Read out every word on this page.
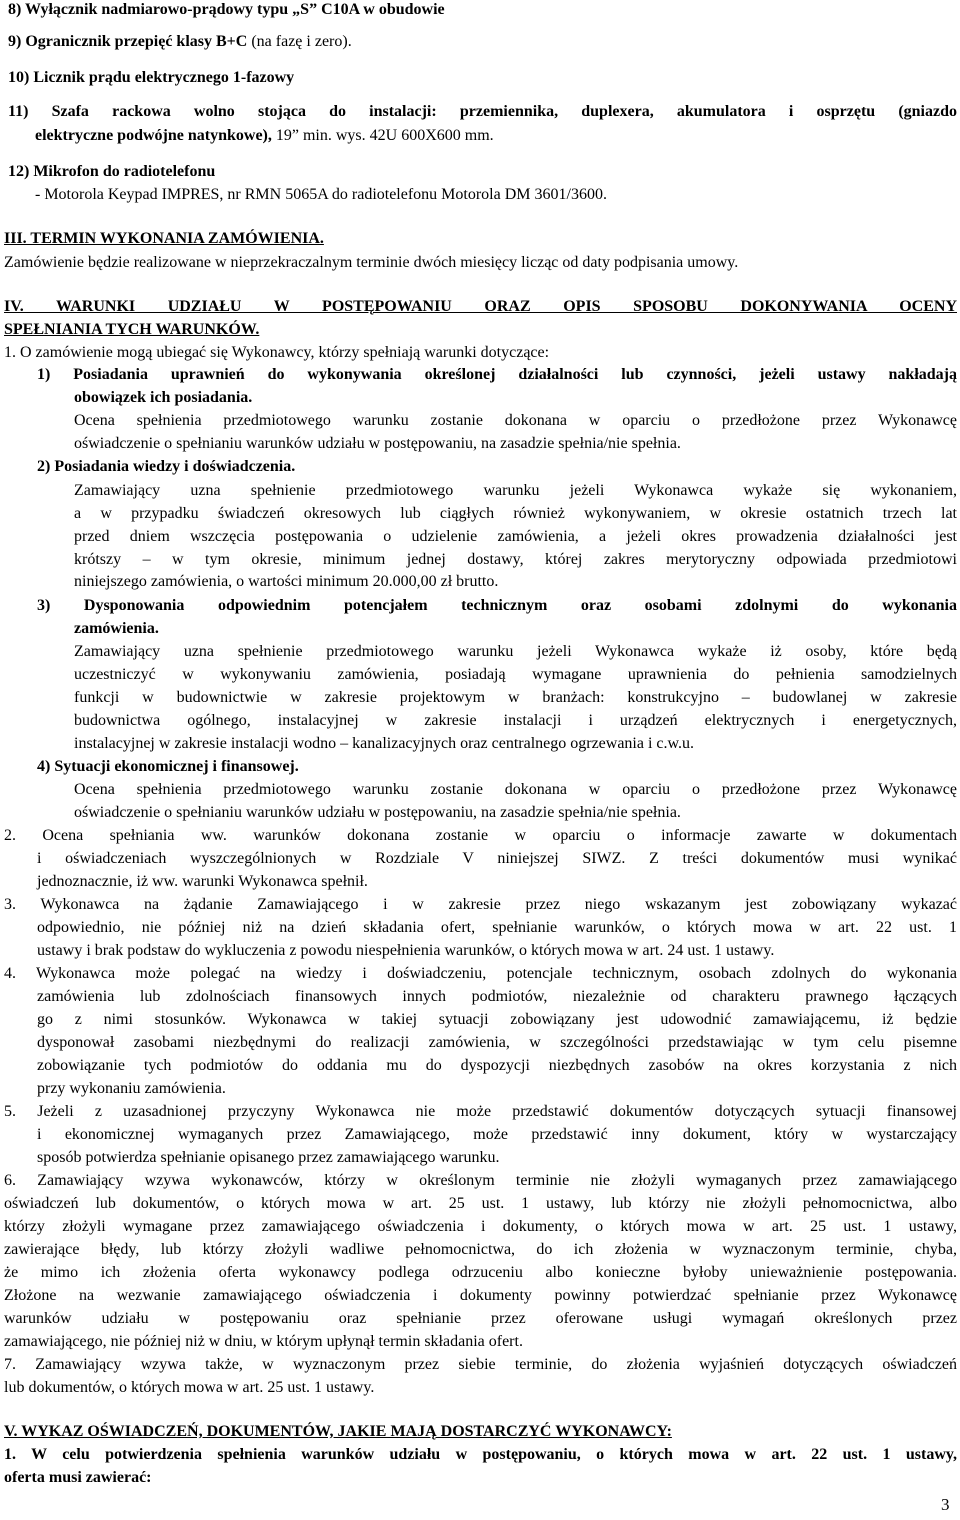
8) Wyłącznik nadmiarowo-prądowy typu „S” C10A w obudowie
9) Ogranicznik przepięć klasy B+C (na fazę i zero).
10) Licznik prądu elektrycznego 1-fazowy
11) Szafa rackowa wolno stojąca do instalacji: przemiennika, duplexera, akumulatora i osprzętu (gniazdo
elektryczne podwójne natynkowe), 19” min. wys. 42U 600X600 mm.
12) Mikrofon do radiotelefonu
- Motorola Keypad IMPRES, nr RMN 5065A do radiotelefonu Motorola DM 3601/3600.
III. TERMIN WYKONANIA ZAMÓWIENIA.
Zamówienie będzie realizowane w nieprzekraczalnym terminie dwóch miesięcy licząc od daty podpisania umowy.
IV. WARUNKI UDZIAŁU W POSTĘPOWANIU ORAZ OPIS SPOSOBU DOKONYWANIA OCENY
SPEŁNIANIA TYCH WARUNKÓW.
1. O zamówienie mogą ubiegać się Wykonawcy, którzy spełniają warunki dotyczące:
1) Posiadania uprawnień do wykonywania określonej działalności lub czynności, jeżeli ustawy nakładają
obowiązek ich posiadania.
Ocena spełnienia przedmiotowego warunku zostanie dokonana w oparciu o przedłożone przez Wykonawcę
oświadczenie o spełnianiu warunków udziału w postępowaniu, na zasadzie spełnia/nie spełnia.
2) Posiadania wiedzy i doświadczenia.
Zamawiający uzna spełnienie przedmiotowego warunku jeżeli Wykonawca wykaże się wykonaniem,
a w przypadku świadczeń okresowych lub ciągłych również wykonywaniem, w okresie ostatnich trzech lat
przed dniem wszczęcia postępowania o udzielenie zamówienia, a jeżeli okres prowadzenia działalności jest
krótszy – w tym okresie, minimum jednej dostawy, której zakres merytoryczny odpowiada przedmiotowi
niniejszego zamówienia, o wartości minimum 20.000,00 zł brutto.
3) Dysponowania odpowiednim potencjałem technicznym oraz osobami zdolnymi do wykonania
zamówienia.
Zamawiający uzna spełnienie przedmiotowego warunku jeżeli Wykonawca wykaże iż osoby, które będą
uczestniczyć w wykonywaniu zamówienia, posiadają wymagane uprawnienia do pełnienia samodzielnych
funkcji w budownictwie w zakresie projektowym w branżach: konstrukcyjno – budowlanej w zakresie
budownictwa ogólnego, instalacyjnej w zakresie instalacji i urządzeń elektrycznych i energetycznych,
instalacyjnej w zakresie instalacji wodno – kanalizacyjnych oraz centralnego ogrzewania i c.w.u.
4) Sytuacji ekonomicznej i finansowej.
Ocena spełnienia przedmiotowego warunku zostanie dokonana w oparciu o przedłożone przez Wykonawcę
oświadczenie o spełnianiu warunków udziału w postępowaniu, na zasadzie spełnia/nie spełnia.
2. Ocena spełniania ww. warunków dokonana zostanie w oparciu o informacje zawarte w dokumentach
i oświadczeniach wyszczególnionych w Rozdziale V niniejszej SIWZ. Z treści dokumentów musi wynikać
jednoznacznie, iż ww. warunki Wykonawca spełnił.
3. Wykonawca na żądanie Zamawiającego i w zakresie przez niego wskazanym jest zobowiązany wykazać
odpowiednio, nie później niż na dzień składania ofert, spełnianie warunków, o których mowa w art. 22 ust. 1
ustawy i brak podstaw do wykluczenia z powodu niespełnienia warunków, o których mowa w art. 24 ust. 1 ustawy.
4. Wykonawca może polegać na wiedzy i doświadczeniu, potencjale technicznym, osobach zdolnych do wykonania
zamówienia lub zdolnościach finansowych innych podmiotów, niezależnie od charakteru prawnego łączących
go z nimi stosunków. Wykonawca w takiej sytuacji zobowiązany jest udowodnić zamawiającemu, iż będzie
dysponował zasobami niezbędnymi do realizacji zamówienia, w szczególności przedstawiając w tym celu pisemne
zobowiązanie tych podmiotów do oddania mu do dyspozycji niezbędnych zasobów na okres korzystania z nich
przy wykonaniu zamówienia.
5. Jeżeli z uzasadnionej przyczyny Wykonawca nie może przedstawić dokumentów dotyczących sytuacji finansowej
i ekonomicznej wymaganych przez Zamawiającego, może przedstawić inny dokument, który w wystarczający
sposób potwierdza spełnianie opisanego przez zamawiającego warunku.
6. Zamawiający wzywa wykonawców, którzy w określonym terminie nie złożyli wymaganych przez zamawiającego
oświadczeń lub dokumentów, o których mowa w art. 25 ust. 1 ustawy, lub którzy nie złożyli pełnomocnictwa, albo
którzy złożyli wymagane przez zamawiającego oświadczenia i dokumenty, o których mowa w art. 25 ust. 1 ustawy,
zawierające błędy, lub którzy złożyli wadliwe pełnomocnictwa, do ich złożenia w wyznaczonym terminie, chyba,
że mimo ich złożenia oferta wykonawcy podlega odrzuceniu albo konieczne byłoby unieważnienie postępowania.
Złożone na wezwanie zamawiającego oświadczenia i dokumenty powinny potwierdzać spełnianie przez Wykonawcę
warunków udziału w postępowaniu oraz spełnianie przez oferowane usługi wymagań określonych przez
zamawiającego, nie później niż w dniu, w którym upłynął termin składania ofert.
7. Zamawiający wzywa także, w wyznaczonym przez siebie terminie, do złożenia wyjaśnień dotyczących oświadczeń
lub dokumentów, o których mowa w art. 25 ust. 1 ustawy.
V. WYKAZ OŚWIADCZEŃ, DOKUMENTÓW, JAKIE MAJĄ DOSTARCZYĆ WYKONAWCY:
1. W celu potwierdzenia spełnienia warunków udziału w postępowaniu, o których mowa w art. 22 ust. 1 ustawy,
oferta musi zawierać:
3
